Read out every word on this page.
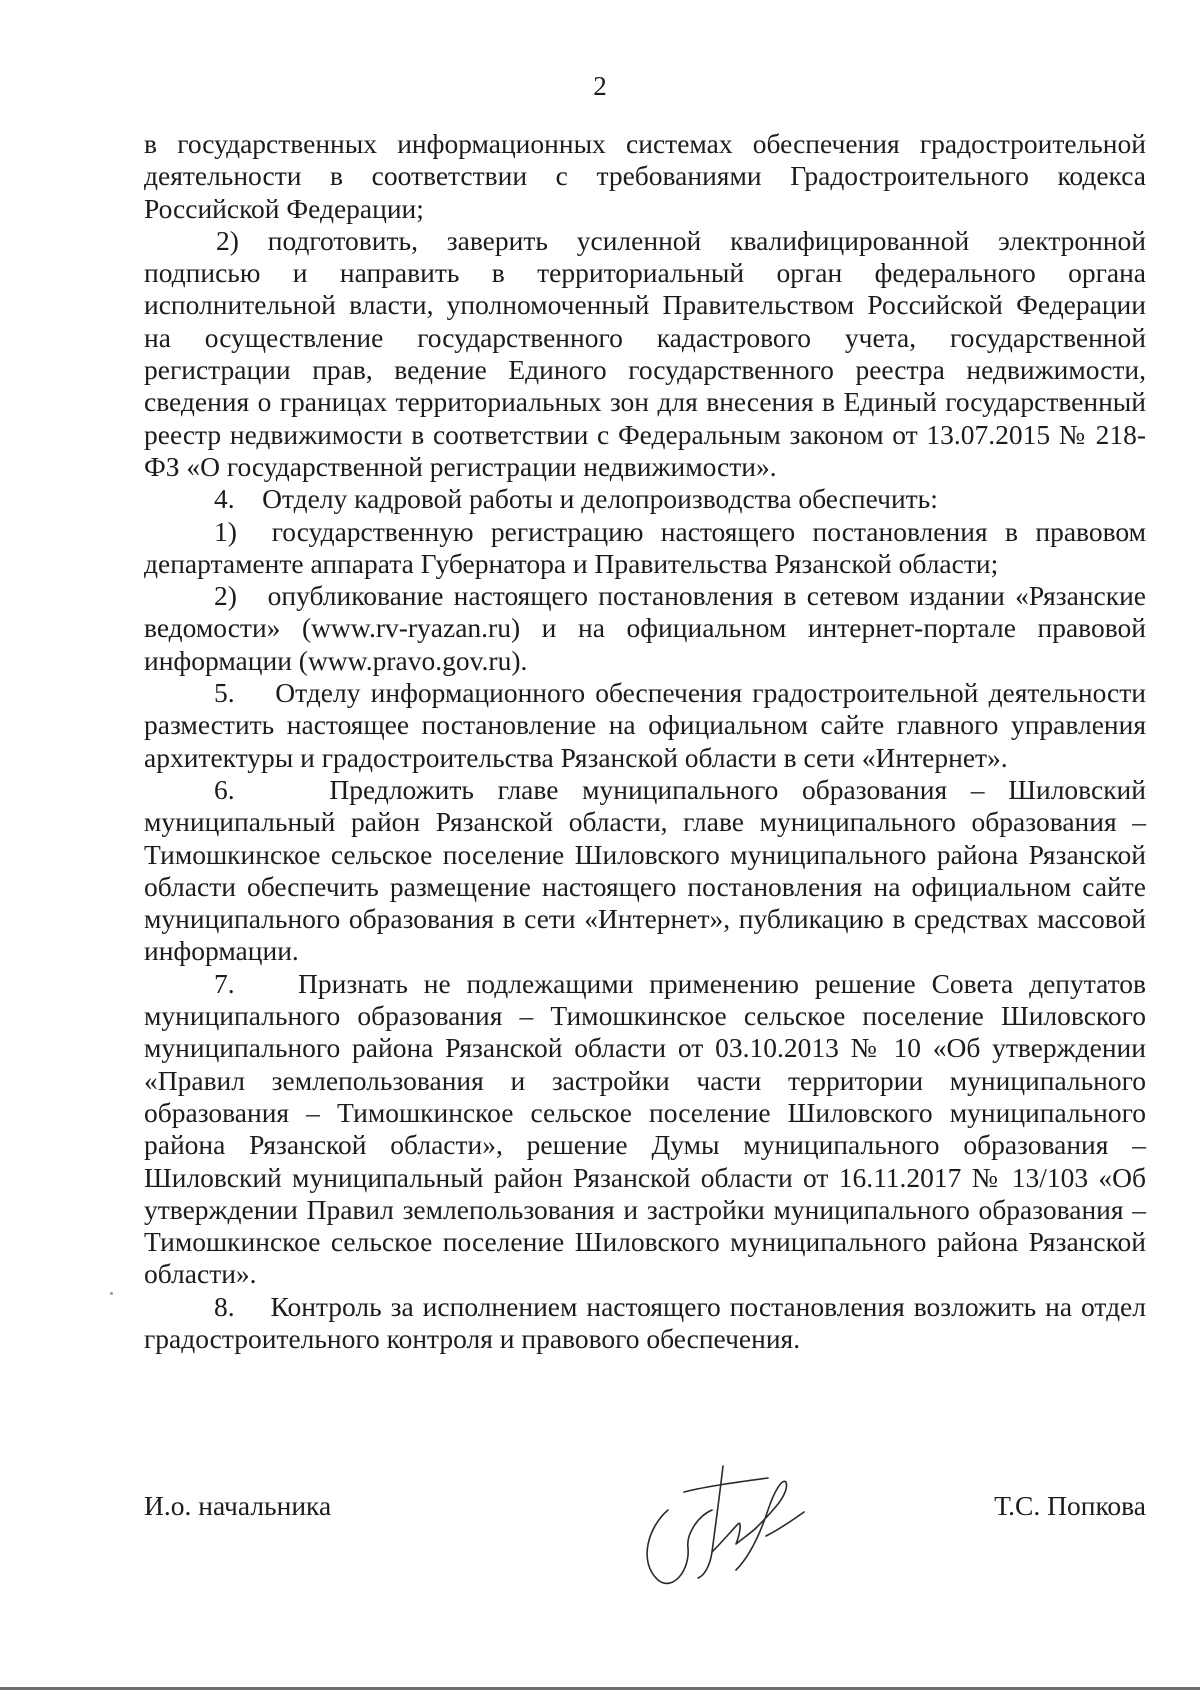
2

в государственных информационных системах обеспечения градостроительной деятельности в соответствии с требованиями Градостроительного кодекса Российской Федерации;

2) подготовить, заверить усиленной квалифицированной электронной подписью и направить в территориальный орган федерального органа исполнительной власти, уполномоченный Правительством Российской Федерации на осуществление государственного кадастрового учета, государственной регистрации прав, ведение Единого государственного реестра недвижимости, сведения о границах территориальных зон для внесения в Единый государственный реестр недвижимости в соответствии с Федеральным законом от 13.07.2015 № 218-ФЗ «О государственной регистрации недвижимости».

4.    Отделу кадровой работы и делопроизводства обеспечить:

1)  государственную регистрацию настоящего постановления в правовом департаменте аппарата Губернатора и Правительства Рязанской области;

2)   опубликование настоящего постановления в сетевом издании «Рязанские ведомости» (www.rv-ryazan.ru) и на официальном интернет-портале правовой информации (www.pravo.gov.ru).

5.    Отделу информационного обеспечения градостроительной деятельности разместить настоящее постановление на официальном сайте главного управления архитектуры и градостроительства Рязанской области в сети «Интернет».

6.    Предложить главе муниципального образования – Шиловский муниципальный район Рязанской области, главе муниципального образования – Тимошкинское сельское поселение Шиловского муниципального района Рязанской области обеспечить размещение настоящего постановления на официальном сайте муниципального образования в сети «Интернет», публикацию в средствах массовой информации.

7.    Признать не подлежащими применению решение Совета депутатов муниципального образования – Тимошкинское сельское поселение Шиловского муниципального района Рязанской области от 03.10.2013 № 10 «Об утверждении «Правил землепользования и застройки части территории муниципального образования – Тимошкинское сельское поселение Шиловского муниципального района Рязанской области», решение Думы муниципального образования – Шиловский муниципальный район Рязанской области от 16.11.2017 № 13/103 «Об утверждении Правил землепользования и застройки муниципального образования – Тимошкинское сельское поселение Шиловского муниципального района Рязанской области».

8.    Контроль за исполнением настоящего постановления возложить на отдел градостроительного контроля и правового обеспечения.

И.о. начальника	Т.С. Попкова
